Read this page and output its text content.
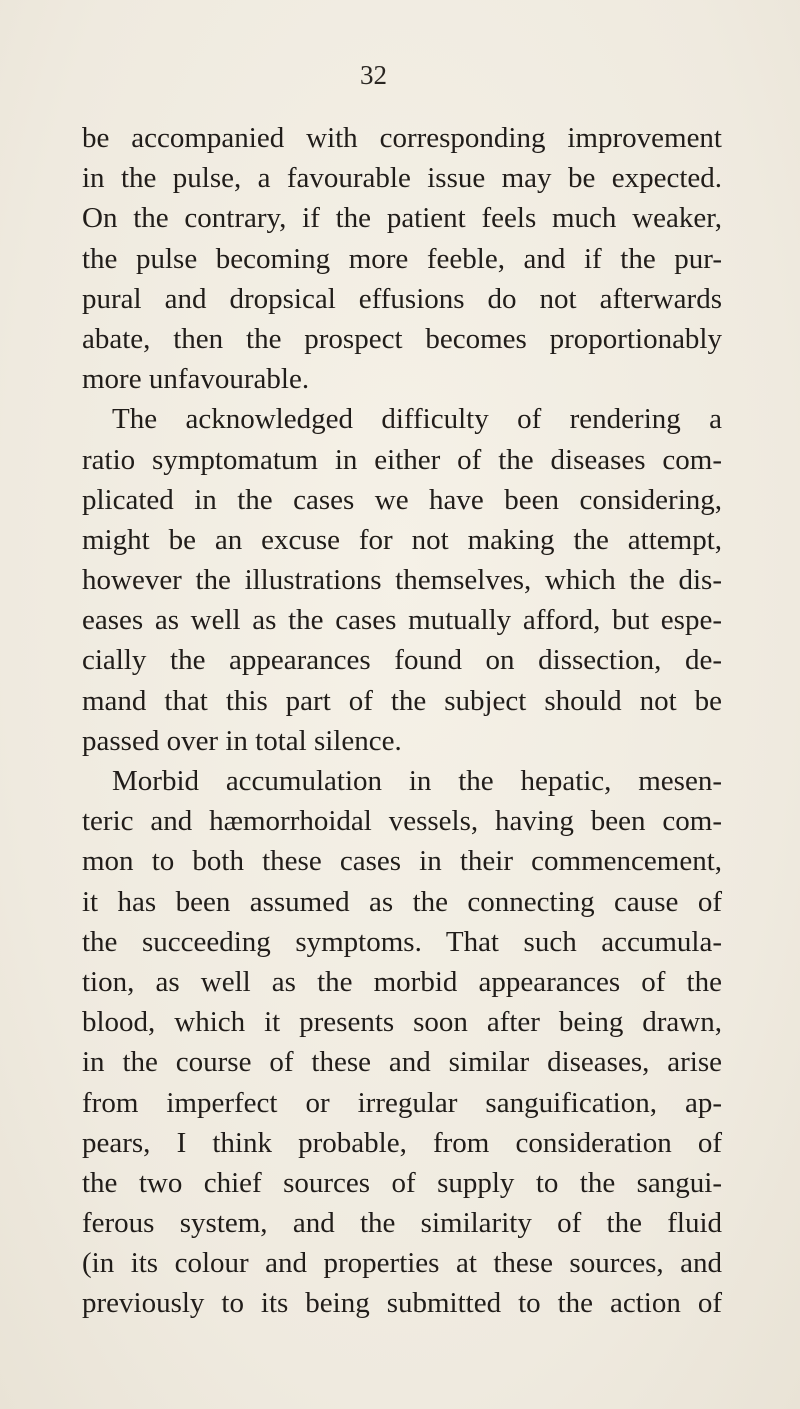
32
be accompanied with corresponding improvement
in the pulse, a favourable issue may be expected.
On the contrary, if the patient feels much weaker,
the pulse becoming more feeble, and if the pur-
pural and dropsical effusions do not afterwards
abate, then the prospect becomes proportionably
more unfavourable.
The acknowledged difficulty of rendering a
ratio symptomatum in either of the diseases com-
plicated in the cases we have been considering,
might be an excuse for not making the attempt,
however the illustrations themselves, which the dis-
eases as well as the cases mutually afford, but espe-
cially the appearances found on dissection, de-
mand that this part of the subject should not be
passed over in total silence.
Morbid accumulation in the hepatic, mesen-
teric and hæmorrhoidal vessels, having been com-
mon to both these cases in their commencement,
it has been assumed as the connecting cause of
the succeeding symptoms. That such accumula-
tion, as well as the morbid appearances of the
blood, which it presents soon after being drawn,
in the course of these and similar diseases, arise
from imperfect or irregular sanguification, ap-
pears, I think probable, from consideration of
the two chief sources of supply to the sangui-
ferous system, and the similarity of the fluid
(in its colour and properties at these sources, and
previously to its being submitted to the action of
